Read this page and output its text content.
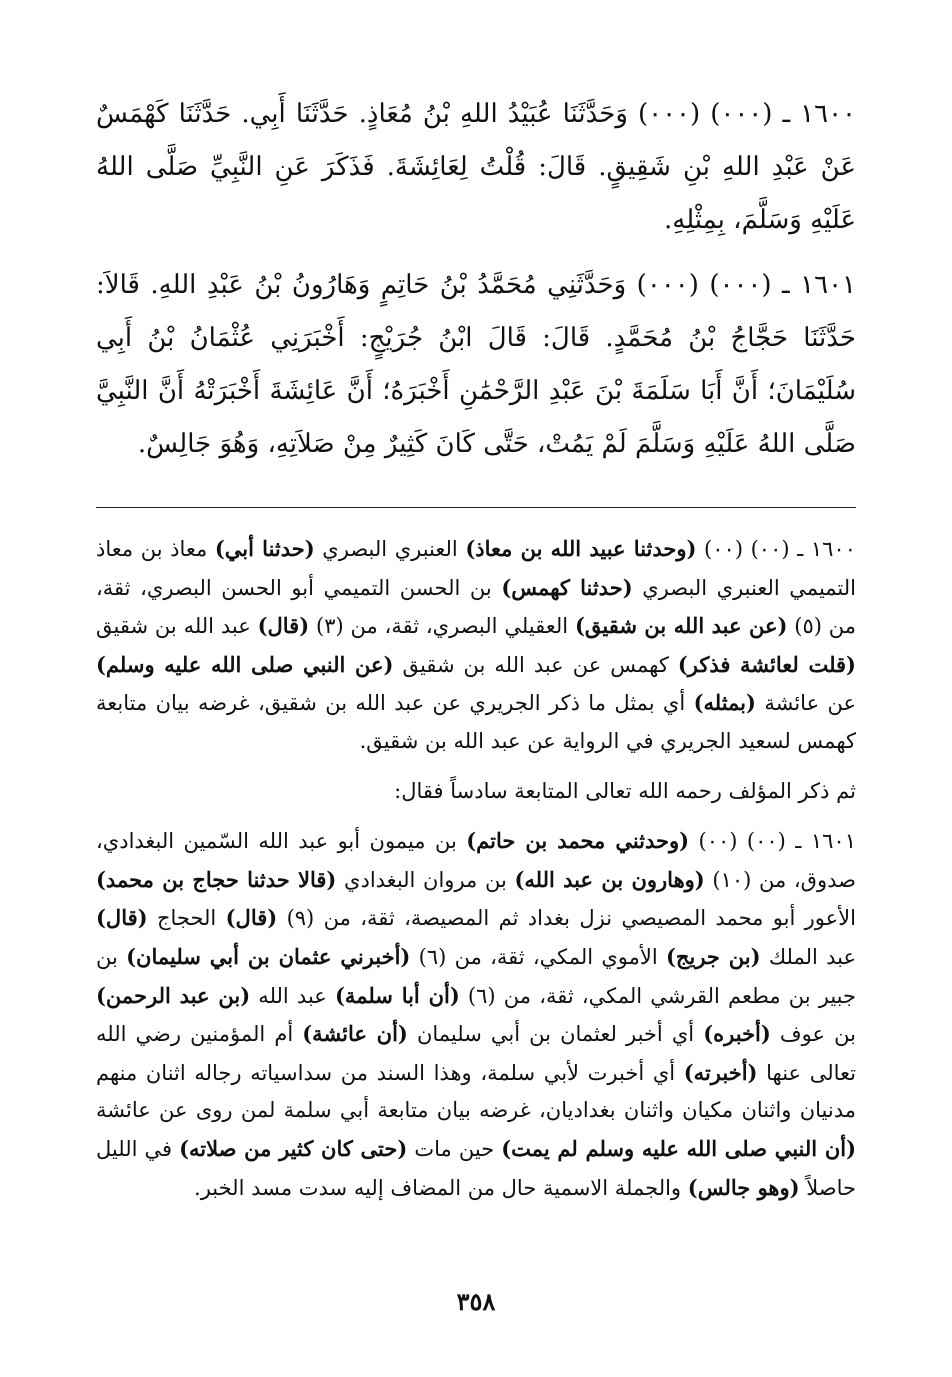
١٦٠٠ ـ (٠٠٠) (٠٠٠) وَحَدَّثَنَا عُبَيْدُ اللهِ بْنُ مُعَاذٍ. حَدَّثَنَا أَبِي. حَدَّثَنَا كَهْمَسٌ عَنْ عَبْدِ اللهِ بْنِ شَقِيقٍ. قَالَ: قُلْتُ لِعَائِشَةَ. فَذَكَرَ عَنِ النَّبِيِّ صَلَّى اللهُ عَلَيْهِ وَسَلَّمَ، بِمِثْلِهِ.

١٦٠١ ـ (٠٠٠) (٠٠٠) وَحَدَّثَنِي مُحَمَّدُ بْنُ حَاتِمٍ وَهَارُونُ بْنُ عَبْدِ اللهِ. قَالاَ: حَدَّثَنَا حَجَّاجُ بْنُ مُحَمَّدٍ. قَالَ: قَالَ ابْنُ جُرَيْجٍ: أَخْبَرَنِي عُثْمَانُ بْنُ أَبِي سُلَيْمَانَ؛ أَنَّ أَبَا سَلَمَةَ بْنَ عَبْدِ الرَّحْمَٰنِ أَخْبَرَهُ؛ أَنَّ عَائِشَةَ أَخْبَرَتْهُ أَنَّ النَّبِيَّ صَلَّى اللهُ عَلَيْهِ وَسَلَّمَ لَمْ يَمُتْ، حَتَّى كَانَ كَثِيرٌ مِنْ صَلاَتِهِ، وَهُوَ جَالِسٌ.

١٦٠٠ ـ (٠٠) (٠٠) (وحدثنا عبيد الله بن معاذ) العنبري البصري (حدثنا أبي) معاذ بن معاذ التميمي العنبري البصري (حدثنا كهمس) بن الحسن التميمي أبو الحسن البصري، ثقة، من (٥) (عن عبد الله بن شقيق) العقيلي البصري، ثقة، من (٣) (قال) عبد الله بن شقيق (قلت لعائشة فذكر) كهمس عن عبد الله بن شقيق (عن النبي صلى الله عليه وسلم) عن عائشة (بمثله) أي بمثل ما ذكر الجريري عن عبد الله بن شقيق، غرضه بيان متابعة كهمس لسعيد الجريري في الرواية عن عبد الله بن شقيق.

ثم ذكر المؤلف رحمه الله تعالى المتابعة سادساً فقال:

١٦٠١ ـ (٠٠) (٠٠) (وحدثني محمد بن حاتم) بن ميمون أبو عبد الله السّمين البغدادي، صدوق، من (١٠) (وهارون بن عبد الله) بن مروان البغدادي (قالا حدثنا حجاج بن محمد) الأعور أبو محمد المصيصي نزل بغداد ثم المصيصة، ثقة، من (٩) (قال) الحجاج (قال) عبد الملك (بن جريج) الأموي المكي، ثقة، من (٦) (أخبرني عثمان بن أبي سليمان) بن جبير بن مطعم القرشي المكي، ثقة، من (٦) (أن أبا سلمة) عبد الله (بن عبد الرحمن) بن عوف (أخبره) أي أخبر لعثمان بن أبي سليمان (أن عائشة) أم المؤمنين رضي الله تعالى عنها (أخبرته) أي أخبرت لأبي سلمة، وهذا السند من سداسياته رجاله اثنان منهم مدنيان واثنان مكيان واثنان بغداديان، غرضه بيان متابعة أبي سلمة لمن روى عن عائشة (أن النبي صلى الله عليه وسلم لم يمت) حين مات (حتى كان كثير من صلاته) في الليل حاصلاً (وهو جالس) والجملة الاسمية حال من المضاف إليه سدت مسد الخبر.

٣٥٨
